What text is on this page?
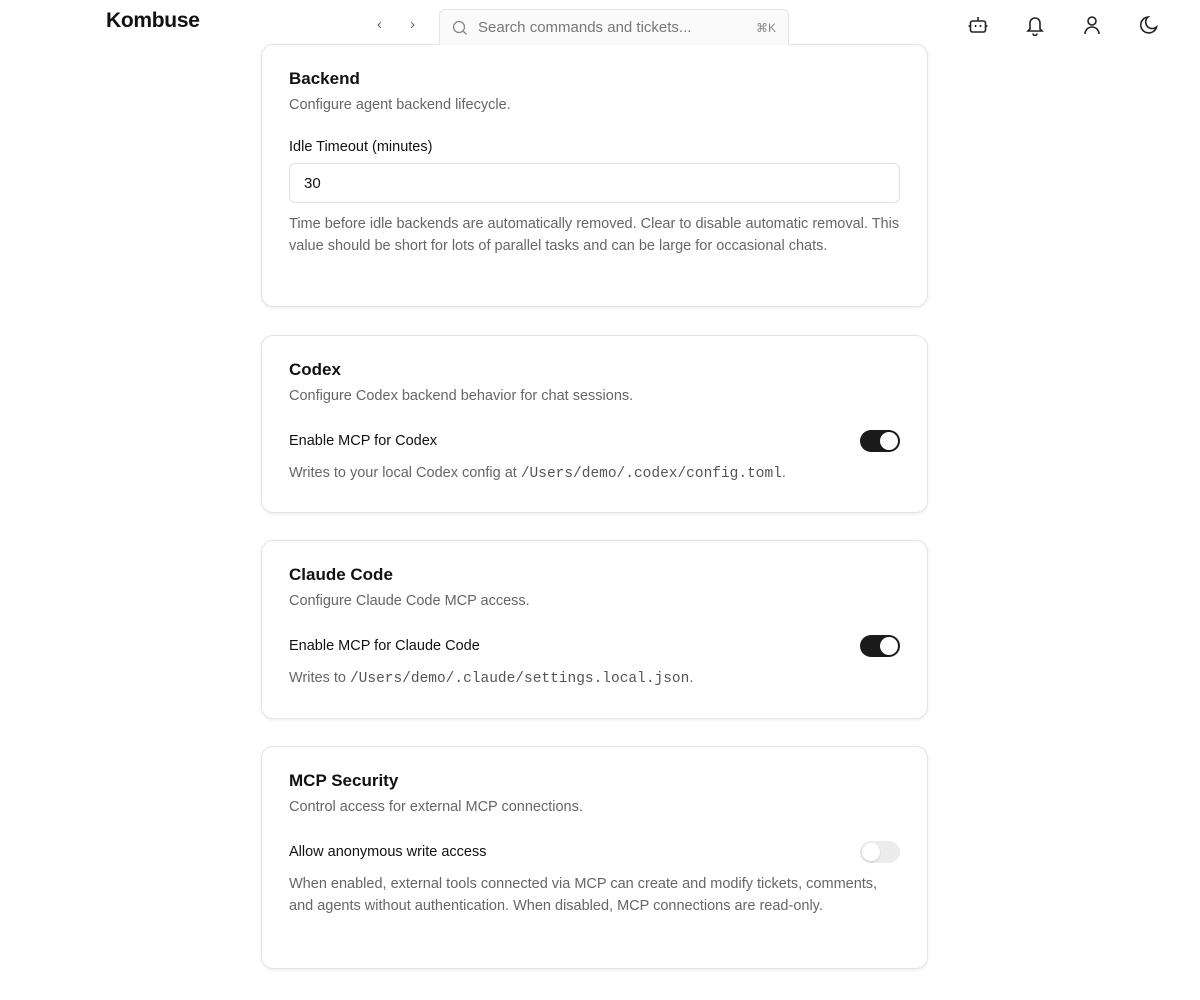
Kombuse	‹ ›	Search commands and tickets...	⌘K
Backend
Configure agent backend lifecycle.
Idle Timeout (minutes)
30
Time before idle backends are automatically removed. Clear to disable automatic removal. This value should be short for lots of parallel tasks and can be large for occasional chats.
Codex
Configure Codex backend behavior for chat sessions.
Enable MCP for Codex
Writes to your local Codex config at /Users/demo/.codex/config.toml.
Claude Code
Configure Claude Code MCP access.
Enable MCP for Claude Code
Writes to /Users/demo/.claude/settings.local.json.
MCP Security
Control access for external MCP connections.
Allow anonymous write access
When enabled, external tools connected via MCP can create and modify tickets, comments, and agents without authentication. When disabled, MCP connections are read-only.
